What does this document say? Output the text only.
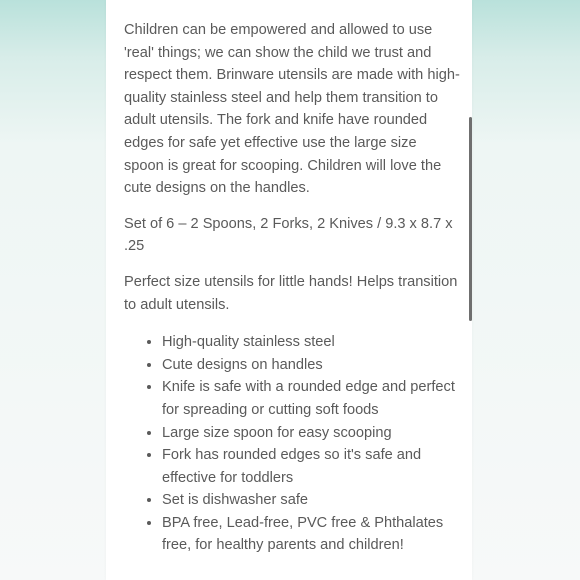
Children can be empowered and allowed to use 'real' things; we can show the child we trust and respect them. Brinware utensils are made with high-quality stainless steel and help them transition to adult utensils. The fork and knife have rounded edges for safe yet effective use the large size spoon is great for scooping. Children will love the cute designs on the handles.

Set of 6 – 2 Spoons, 2 Forks, 2 Knives / 9.3 x 8.7 x .25

Perfect size utensils for little hands! Helps transition to adult utensils.

• High-quality stainless steel
• Cute designs on handles
• Knife is safe with a rounded edge and perfect for spreading or cutting soft foods
• Large size spoon for easy scooping
• Fork has rounded edges so it's safe and effective for toddlers
• Set is dishwasher safe
• BPA free, Lead-free, PVC free & Phthalates free, for healthy parents and children!
